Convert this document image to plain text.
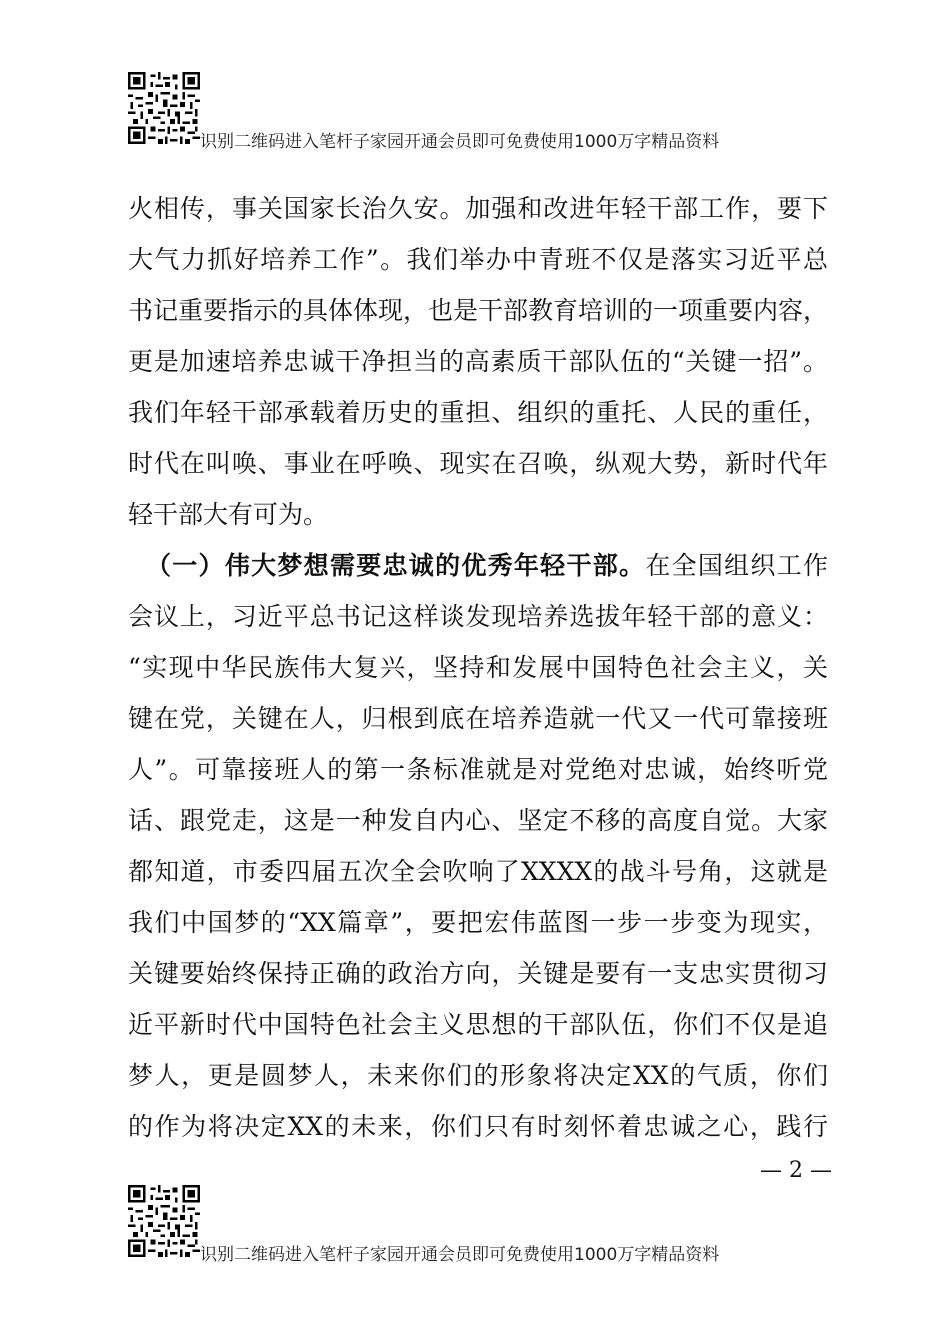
识别二维码进入笔杆子家园开通会员即可免费使用1000万字精品资料
火相传，事关国家长治久安。加强和改进年轻干部工作，要下
大气力抓好培养工作”。我们举办中青班不仅是落实习近平总
书记重要指示的具体体现，也是干部教育培训的一项重要内容，
更是加速培养忠诚干净担当的高素质干部队伍的“关键一招”。
我们年轻干部承载着历史的重担、组织的重托、人民的重任，
时代在叫唤、事业在呼唤、现实在召唤，纵观大势，新时代年
轻干部大有可为。
（一）伟大梦想需要忠诚的优秀年轻干部。在全国组织工作
会议上，习近平总书记这样谈发现培养选拔年轻干部的意义：
“实现中华民族伟大复兴，坚持和发展中国特色社会主义，关
键在党，关键在人，归根到底在培养造就一代又一代可靠接班
人”。可靠接班人的第一条标准就是对党绝对忠诚，始终听党
话、跟党走，这是一种发自内心、坚定不移的高度自觉。大家
都知道，市委四届五次全会吹响了XXXX的战斗号角，这就是
我们中国梦的“XX篇章”，要把宏伟蓝图一步一步变为现实，
关键要始终保持正确的政治方向，关键是要有一支忠实贯彻习
近平新时代中国特色社会主义思想的干部队伍，你们不仅是追
梦人，更是圆梦人，未来你们的形象将决定XX的气质，你们
的作为将决定XX的未来，你们只有时刻怀着忠诚之心，践行
— 2 —
识别二维码进入笔杆子家园开通会员即可免费使用1000万字精品资料
